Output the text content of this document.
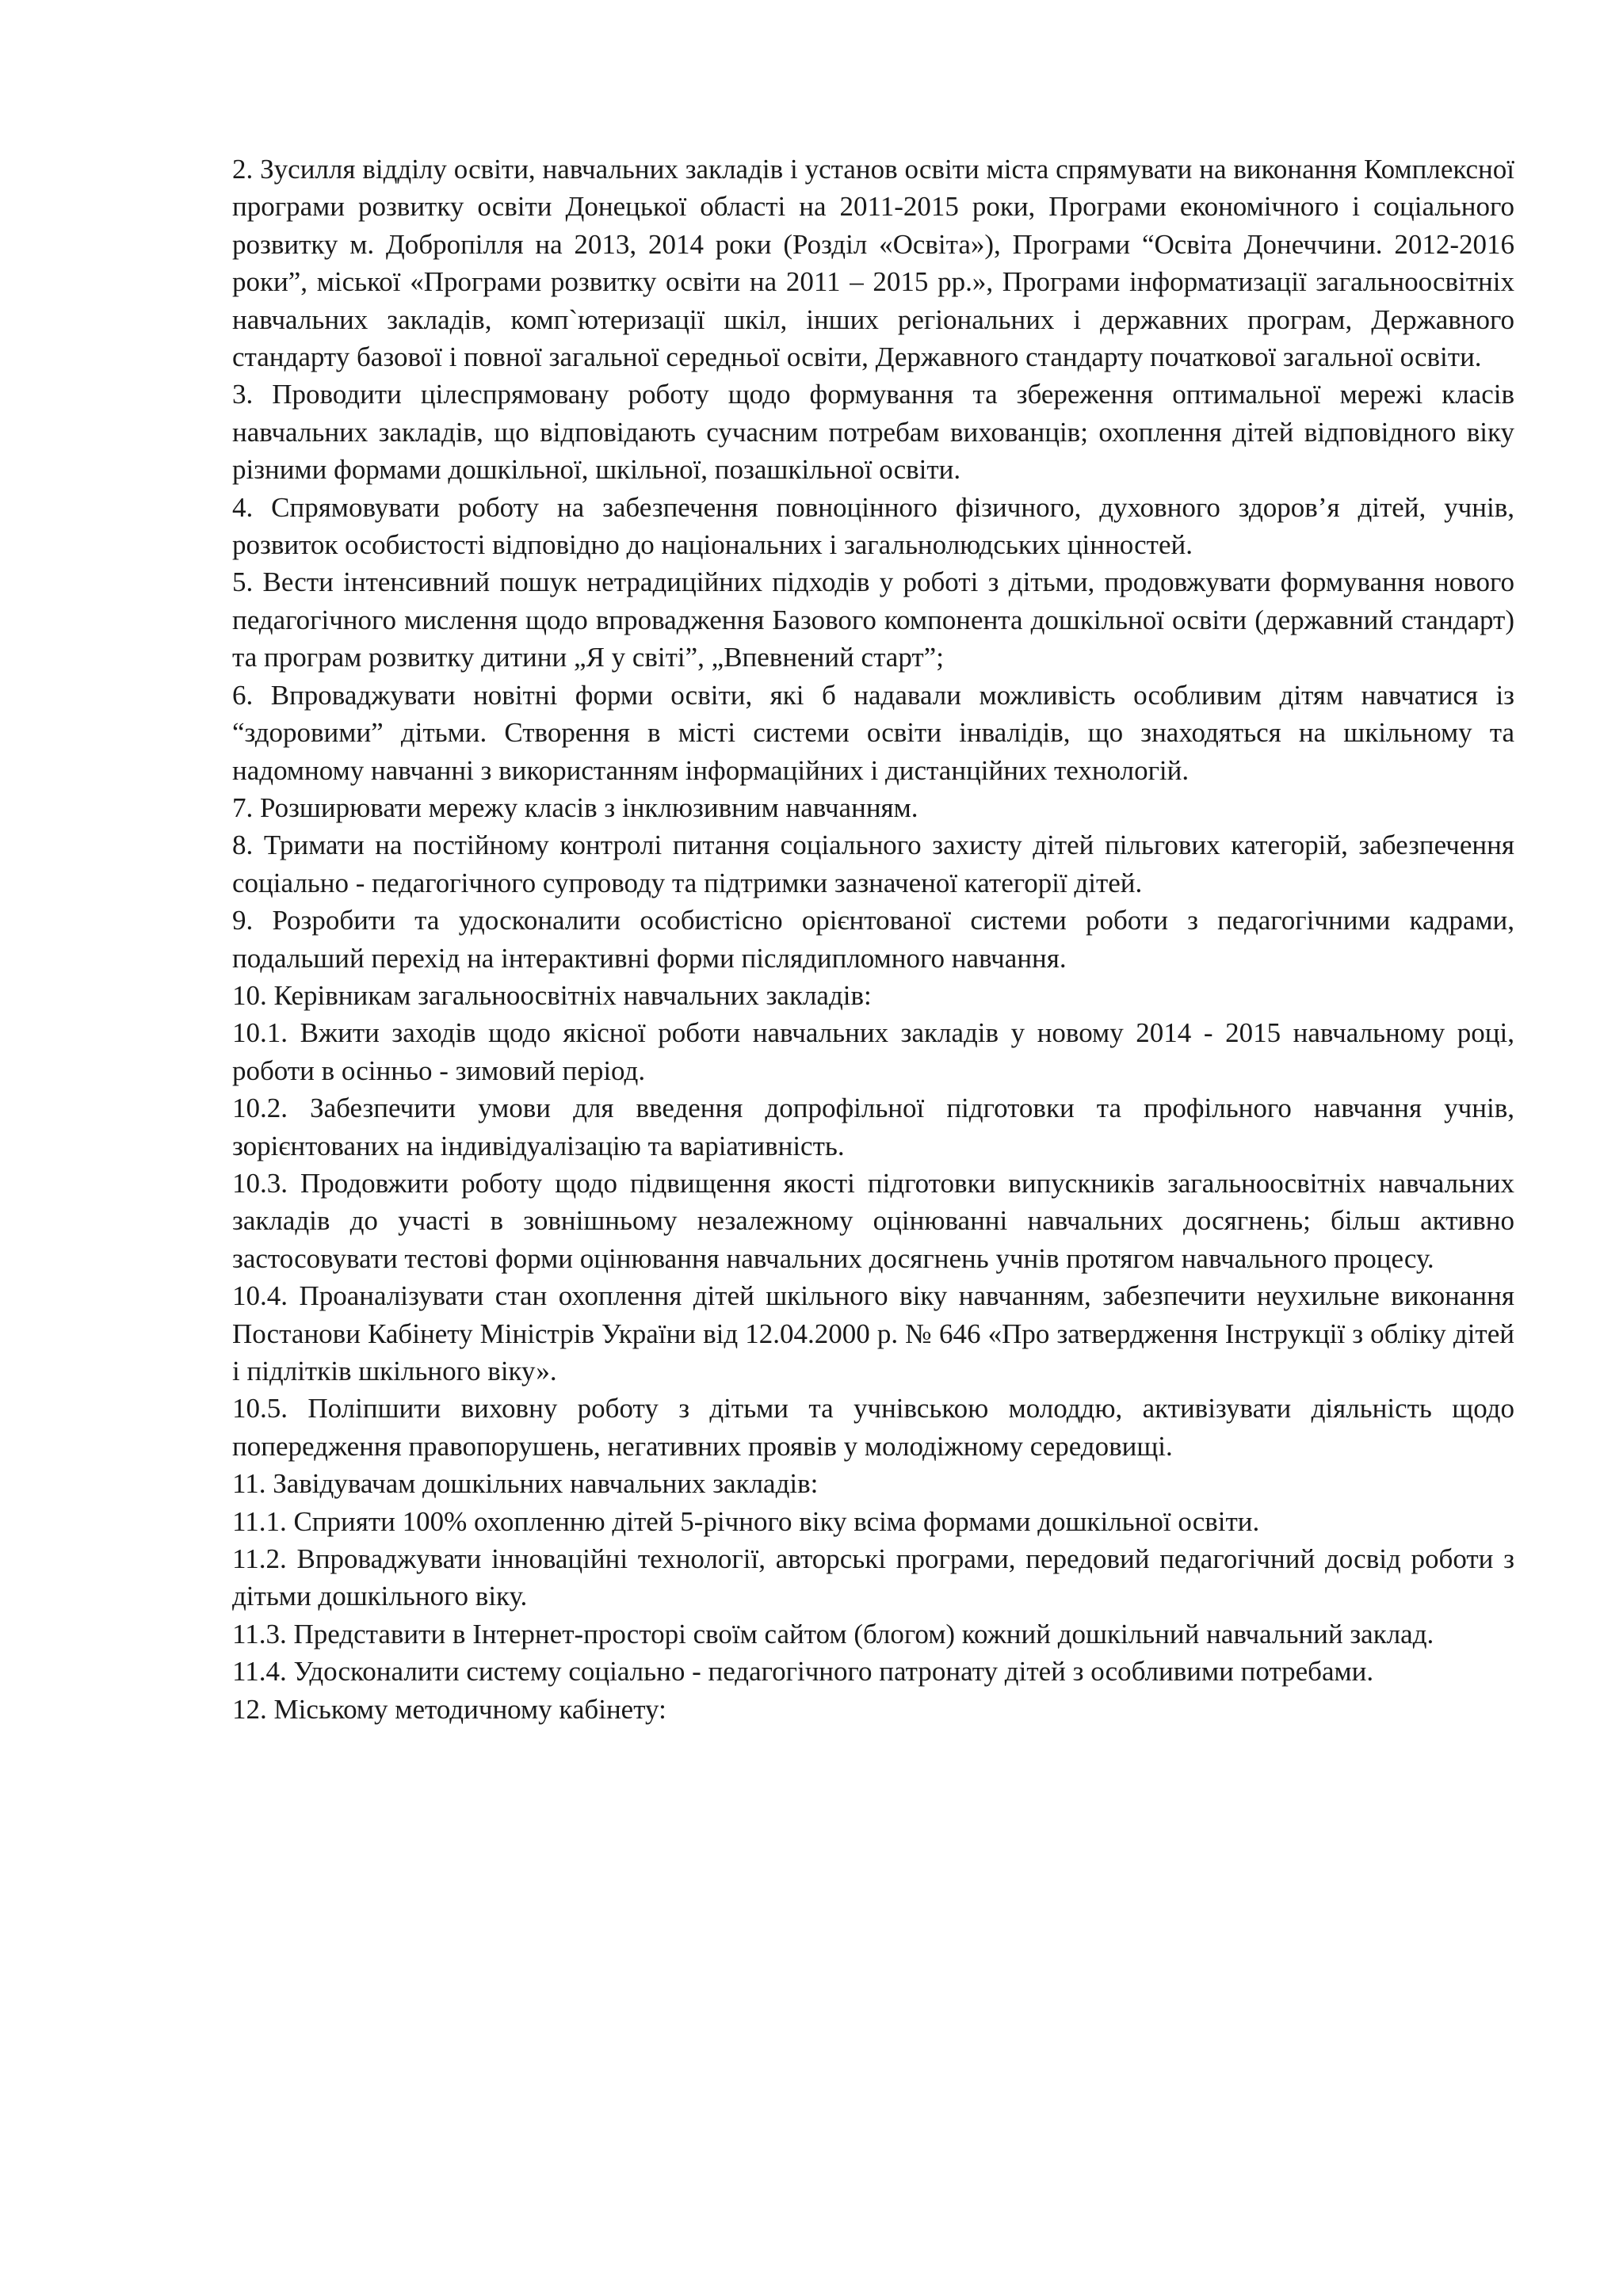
2. Зусилля відділу освіти, навчальних закладів і установ освіти міста спрямувати на виконання Комплексної програми розвитку освіти Донецької області на 2011-2015 роки, Програми економічного і соціального розвитку м. Добропілля на 2013, 2014 роки (Розділ «Освіта»), Програми “Освіта Донеччини. 2012-2016 роки”, міської «Програми розвитку освіти на 2011 – 2015 рр.», Програми інформатизації загальноосвітніх навчальних закладів, комп`ютеризації шкіл, інших регіональних і державних програм, Державного стандарту базової і повної загальної середньої освіти, Державного стандарту початкової загальної освіти.

3. Проводити цілеспрямовану роботу щодо формування та збереження оптимальної мережі класів навчальних закладів, що відповідають сучасним потребам вихованців; охоплення дітей відповідного віку різними формами дошкільної, шкільної, позашкільної освіти.

4. Спрямовувати роботу на забезпечення повноцінного фізичного, духовного здоров’я дітей, учнів, розвиток особистості відповідно до національних і загальнолюдських цінностей.

5. Вести інтенсивний пошук нетрадиційних підходів у роботі з дітьми, продовжувати формування нового педагогічного мислення щодо впровадження Базового компонента дошкільної освіти (державний стандарт) та програм розвитку дитини „Я у світі”, „Впевнений старт”;

6. Впроваджувати новітні форми освіти, які б надавали можливість особливим дітям навчатися із “здоровими” дітьми. Створення в місті системи освіти інвалідів, що знаходяться на шкільному та надомному навчанні з використанням інформаційних і дистанційних технологій.

7. Розширювати мережу класів з інклюзивним навчанням.

8. Тримати на постійному контролі питання соціального захисту дітей пільгових категорій, забезпечення соціально - педагогічного супроводу та підтримки зазначеної категорії дітей.

9. Розробити та удосконалити особистісно орієнтованої системи роботи з педагогічними кадрами, подальший перехід на інтерактивні форми післядипломного навчання.

10. Керівникам загальноосвітніх навчальних закладів:

10.1. Вжити заходів щодо якісної роботи навчальних закладів у новому 2014 - 2015 навчальному році, роботи в осінньо - зимовий період.

10.2. Забезпечити умови для введення допрофільної підготовки та профільного навчання учнів, зорієнтованих на індивідуалізацію та варіативність.

10.3. Продовжити роботу щодо підвищення якості підготовки випускників загальноосвітніх навчальних закладів до участі в зовнішньому незалежному оцінюванні навчальних досягнень; більш активно застосовувати тестові форми оцінювання навчальних досягнень учнів протягом навчального процесу.

10.4. Проаналізувати стан охоплення дітей шкільного віку навчанням, забезпечити неухильне виконання Постанови Кабінету Міністрів України від 12.04.2000 р. № 646 «Про затвердження Інструкції з обліку дітей і підлітків шкільного віку».

10.5. Поліпшити виховну роботу з дітьми та учнівською молоддю, активізувати діяльність щодо попередження правопорушень, негативних проявів у молодіжному середовищі.

11. Завідувачам дошкільних навчальних закладів:

11.1. Сприяти 100% охопленню дітей 5-річного віку всіма формами дошкільної освіти.

11.2. Впроваджувати інноваційні технології, авторські програми, передовий педагогічний досвід роботи з дітьми дошкільного віку.

11.3. Представити в Інтернет-просторі своїм сайтом (блогом) кожний дошкільний навчальний заклад.

11.4. Удосконалити систему соціально - педагогічного патронату дітей з особливими потребами.

12. Міському методичному кабінету:
